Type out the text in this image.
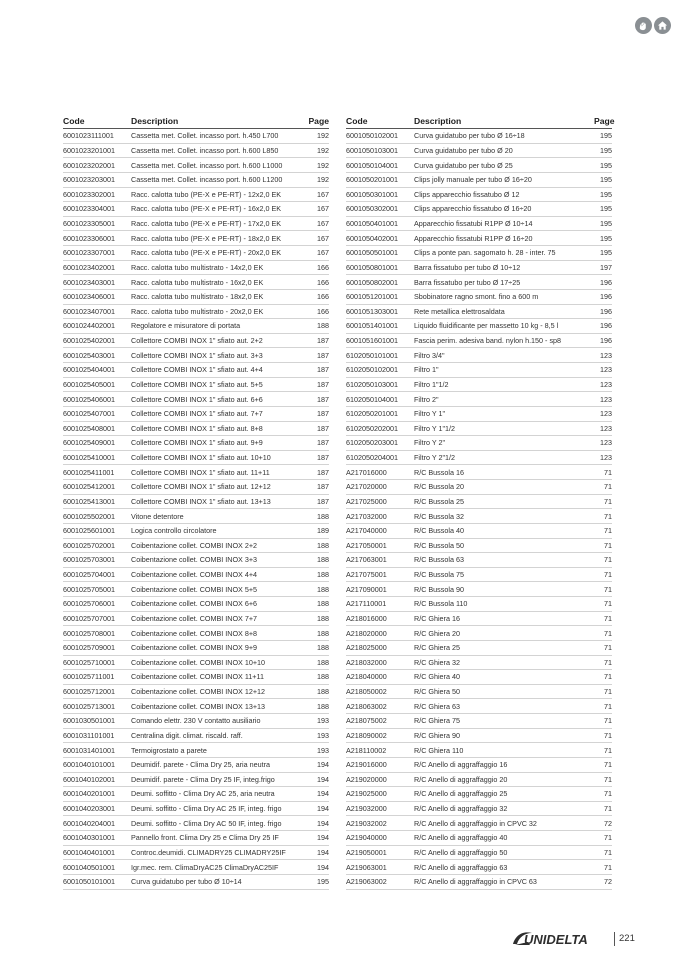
Code	Description	Page
6001023111001	Cassetta met. Collet. incasso port. h.450 L700	192
6001023201001	Cassetta met. Collet. incasso port. h.600 L850	192
6001023202001	Cassetta met. Collet. incasso port. h.600 L1000	192
6001023203001	Cassetta met. Collet. incasso port. h.600 L1200	192
6001023302001	Racc. calotta tubo (PE-X e PE-RT) - 12x2,0 EK	167
6001023304001	Racc. calotta tubo (PE-X e PE-RT) - 16x2,0 EK	167
6001023305001	Racc. calotta tubo (PE-X e PE-RT) - 17x2,0 EK	167
6001023306001	Racc. calotta tubo (PE-X e PE-RT) - 18x2,0 EK	167
6001023307001	Racc. calotta tubo (PE-X e PE-RT) - 20x2,0 EK	167
6001023402001	Racc. calotta tubo multistrato - 14x2,0 EK	166
6001023403001	Racc. calotta tubo multistrato - 16x2,0 EK	166
6001023406001	Racc. calotta tubo multistrato - 18x2,0 EK	166
6001023407001	Racc. calotta tubo multistrato - 20x2,0 EK	166
6001024402001	Regolatore e misuratore di portata	188
6001025402001	Collettore COMBI INOX 1" sfiato aut. 2+2	187
6001025403001	Collettore COMBI INOX 1" sfiato aut. 3+3	187
6001025404001	Collettore COMBI INOX 1" sfiato aut. 4+4	187
6001025405001	Collettore COMBI INOX 1" sfiato aut. 5+5	187
6001025406001	Collettore COMBI INOX 1" sfiato aut. 6+6	187
6001025407001	Collettore COMBI INOX 1" sfiato aut. 7+7	187
6001025408001	Collettore COMBI INOX 1" sfiato aut. 8+8	187
6001025409001	Collettore COMBI INOX 1" sfiato aut. 9+9	187
6001025410001	Collettore COMBI INOX 1" sfiato aut. 10+10	187
6001025411001	Collettore COMBI INOX 1" sfiato aut. 11+11	187
6001025412001	Collettore COMBI INOX 1" sfiato aut. 12+12	187
6001025413001	Collettore COMBI INOX 1" sfiato aut. 13+13	187
6001025502001	Vitone detentore	188
6001025601001	Logica controllo circolatore	189
6001025702001	Coibentazione collet. COMBI INOX 2+2	188
6001025703001	Coibentazione collet. COMBI INOX 3+3	188
6001025704001	Coibentazione collet. COMBI INOX 4+4	188
6001025705001	Coibentazione collet. COMBI INOX 5+5	188
6001025706001	Coibentazione collet. COMBI INOX 6+6	188
6001025707001	Coibentazione collet. COMBI INOX 7+7	188
6001025708001	Coibentazione collet. COMBI INOX 8+8	188
6001025709001	Coibentazione collet. COMBI INOX 9+9	188
6001025710001	Coibentazione collet. COMBI INOX 10+10	188
6001025711001	Coibentazione collet. COMBI INOX 11+11	188
6001025712001	Coibentazione collet. COMBI INOX 12+12	188
6001025713001	Coibentazione collet. COMBI INOX 13+13	188
6001030501001	Comando elettr. 230 V contatto ausiliario	193
6001031101001	Centralina digit. climat. riscald. raff.	193
6001031401001	Termoigrostato a parete	193
6001040101001	Deumidif. parete - Clima Dry 25, aria neutra	194
6001040102001	Deumidif. parete - Clima Dry 25 IF, integ.frigo	194
6001040201001	Deumi. soffitto - Clima Dry AC 25, aria neutra	194
6001040203001	Deumi. soffitto - Clima Dry AC 25 IF, integ. frigo	194
6001040204001	Deumi. soffitto - Clima Dry AC 50 IF, integ. frigo	194
6001040301001	Pannello front. Clima Dry 25 e Clima Dry 25 IF	194
6001040401001	Controc.deumidi. CLIMADRY25 CLIMADRY25IF	194
6001040501001	Igr.mec. rem. ClimaDryAC25 ClimaDryAC25IF	194
6001050101001	Curva guidatubo per tubo Ø 10÷14	195
Code	Description	Page
6001050102001	Curva guidatubo per tubo Ø 16÷18	195
6001050103001	Curva guidatubo per tubo Ø 20	195
6001050104001	Curva guidatubo per tubo Ø 25	195
6001050201001	Clips jolly manuale per tubo Ø 16÷20	195
6001050301001	Clips apparecchio fissatubo Ø 12	195
6001050302001	Clips apparecchio fissatubo Ø 16÷20	195
6001050401001	Apparecchio fissatubi R1PP Ø 10÷14	195
6001050402001	Apparecchio fissatubi R1PP Ø 16÷20	195
6001050501001	Clips a ponte pan. sagomato h. 28 - inter. 75	195
6001050801001	Barra fissatubo per tubo Ø 10÷12	197
6001050802001	Barra fissatubo per tubo Ø 17÷25	196
6001051201001	Sbobinatore ragno smont. fino a 600 m	196
6001051303001	Rete metallica elettrosaldata	196
6001051401001	Liquido fluidificante per massetto 10 kg - 8,5 l	196
6001051601001	Fascia perim. adesiva band. nylon h.150 - sp8	196
6102050101001	Filtro 3/4"	123
6102050102001	Filtro 1"	123
6102050103001	Filtro 1"1/2	123
6102050104001	Filtro 2"	123
6102050201001	Filtro Y 1"	123
6102050202001	Filtro Y 1"1/2	123
6102050203001	Filtro Y 2"	123
6102050204001	Filtro Y 2"1/2	123
A217016000	R/C Bussola 16	71
A217020000	R/C Bussola 20	71
A217025000	R/C Bussola 25	71
A217032000	R/C Bussola 32	71
A217040000	R/C Bussola 40	71
A217050001	R/C Bussola 50	71
A217063001	R/C Bussola 63	71
A217075001	R/C Bussola 75	71
A217090001	R/C Bussola 90	71
A217110001	R/C Bussola 110	71
A218016000	R/C Ghiera 16	71
A218020000	R/C Ghiera 20	71
A218025000	R/C Ghiera 25	71
A218032000	R/C Ghiera 32	71
A218040000	R/C Ghiera 40	71
A218050002	R/C Ghiera 50	71
A218063002	R/C Ghiera 63	71
A218075002	R/C Ghiera 75	71
A218090002	R/C Ghiera 90	71
A218110002	R/C Ghiera 110	71
A219016000	R/C Anello di aggraffaggio 16	71
A219020000	R/C Anello di aggraffaggio 20	71
A219025000	R/C Anello di aggraffaggio 25	71
A219032000	R/C Anello di aggraffaggio 32	71
A219032002	R/C Anello di aggraffaggio in CPVC 32	72
A219040000	R/C Anello di aggraffaggio 40	71
A219050001	R/C Anello di aggraffaggio 50	71
A219063001	R/C Anello di aggraffaggio 63	71
A219063002	R/C Anello di aggraffaggio in CPVC 63	72
UNIDELTA	221
